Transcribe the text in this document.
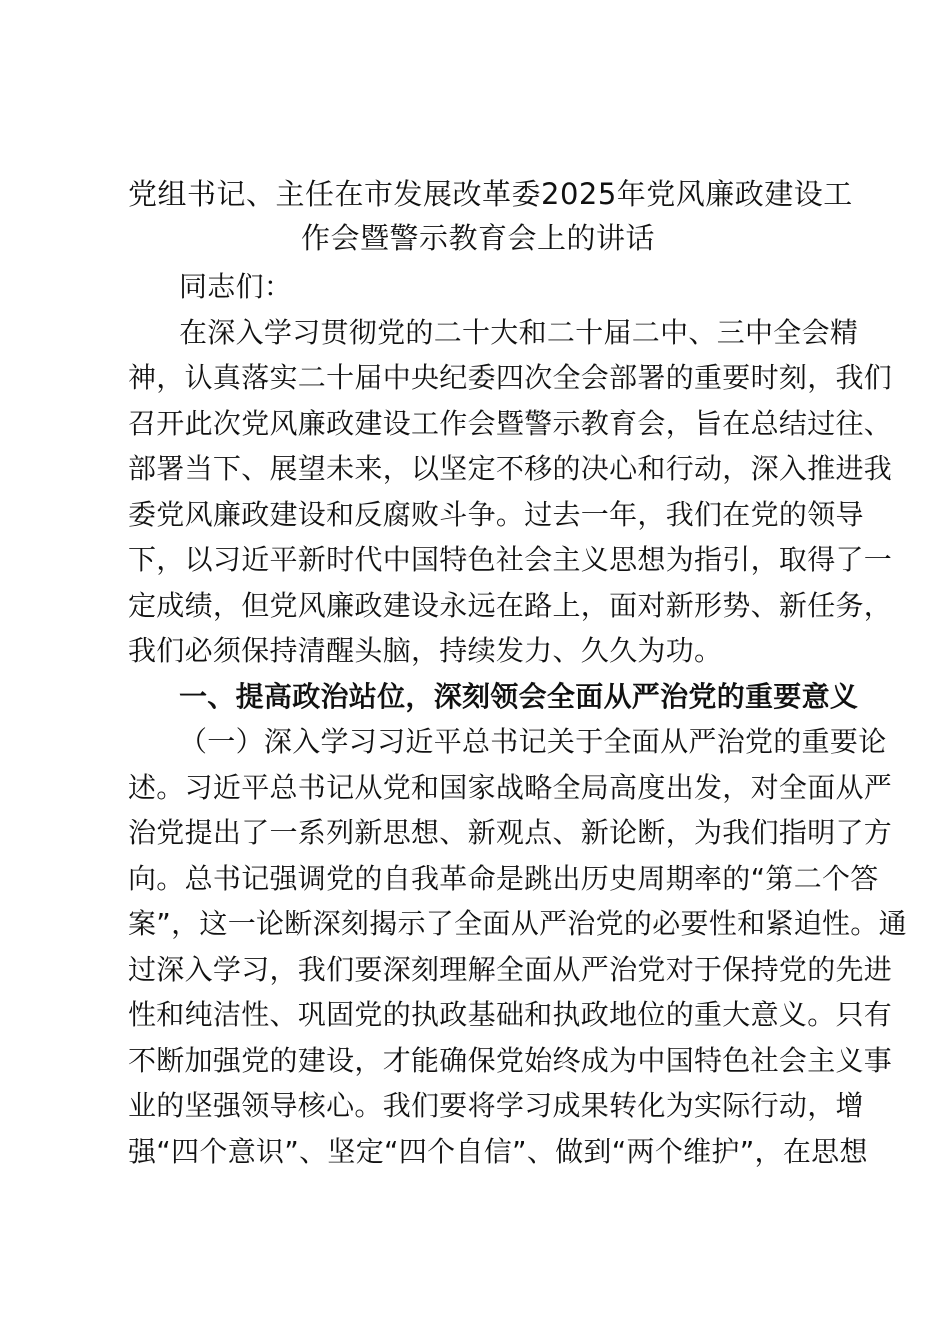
党组书记、主任在市发展改革委2025年党风廉政建设工
作会暨警示教育会上的讲话
同志们：
在深入学习贯彻党的二十大和二十届二中、三中全会精
神，认真落实二十届中央纪委四次全会部署的重要时刻，我们
召开此次党风廉政建设工作会暨警示教育会，旨在总结过往、
部署当下、展望未来，以坚定不移的决心和行动，深入推进我
委党风廉政建设和反腐败斗争。过去一年，我们在党的领导
下，以习近平新时代中国特色社会主义思想为指引，取得了一
定成绩，但党风廉政建设永远在路上，面对新形势、新任务，
我们必须保持清醒头脑，持续发力、久久为功。
一、提高政治站位，深刻领会全面从严治党的重要意义
（一）深入学习习近平总书记关于全面从严治党的重要论
述。习近平总书记从党和国家战略全局高度出发，对全面从严
治党提出了一系列新思想、新观点、新论断，为我们指明了方
向。总书记强调党的自我革命是跳出历史周期率的“第二个答
案”，这一论断深刻揭示了全面从严治党的必要性和紧迫性。通
过深入学习，我们要深刻理解全面从严治党对于保持党的先进
性和纯洁性、巩固党的执政基础和执政地位的重大意义。只有
不断加强党的建设，才能确保党始终成为中国特色社会主义事
业的坚强领导核心。我们要将学习成果转化为实际行动，增
强“四个意识”、坚定“四个自信”、做到“两个维护”，在思想
